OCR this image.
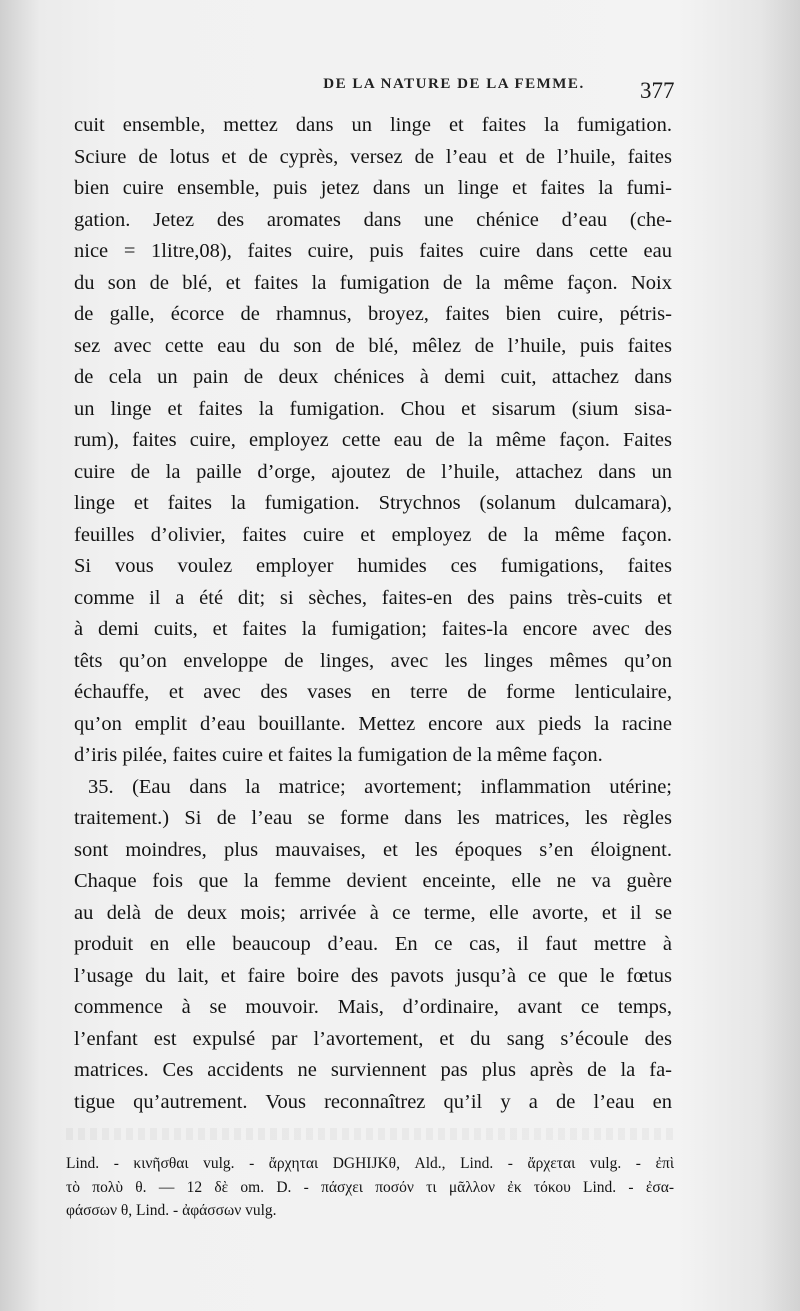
DE LA NATURE DE LA FEMME.	377
cuit ensemble, mettez dans un linge et faites la fumigation.
Sciure de lotus et de cyprès, versez de l’eau et de l’huile, faites
bien cuire ensemble, puis jetez dans un linge et faites la fumi-
gation. Jetez des aromates dans une chénice d’eau (che-
nice = 1litre,08), faites cuire, puis faites cuire dans cette eau
du son de blé, et faites la fumigation de la même façon. Noix
de galle, écorce de rhamnus, broyez, faites bien cuire, pétris-
sez avec cette eau du son de blé, mêlez de l’huile, puis faites
de cela un pain de deux chénices à demi cuit, attachez dans
un linge et faites la fumigation. Chou et sisarum (sium sisa-
rum), faites cuire, employez cette eau de la même façon. Faites
cuire de la paille d’orge, ajoutez de l’huile, attachez dans un
linge et faites la fumigation. Strychnos (solanum dulcamara),
feuilles d’olivier, faites cuire et employez de la même façon.
Si vous voulez employer humides ces fumigations, faites
comme il a été dit; si sèches, faites-en des pains très-cuits et
à demi cuits, et faites la fumigation; faites-la encore avec des
têts qu’on enveloppe de linges, avec les linges mêmes qu’on
échauffe, et avec des vases en terre de forme lenticulaire,
qu’on emplit d’eau bouillante. Mettez encore aux pieds la racine
d’iris pilée, faites cuire et faites la fumigation de la même façon.
35. (Eau dans la matrice; avortement; inflammation utérine;
traitement.) Si de l’eau se forme dans les matrices, les règles
sont moindres, plus mauvaises, et les époques s’en éloignent.
Chaque fois que la femme devient enceinte, elle ne va guère
au delà de deux mois; arrivée à ce terme, elle avorte, et il se
produit en elle beaucoup d’eau. En ce cas, il faut mettre à
l’usage du lait, et faire boire des pavots jusqu’à ce que le fœtus
commence à se mouvoir. Mais, d’ordinaire, avant ce temps,
l’enfant est expulsé par l’avortement, et du sang s’écoule des
matrices. Ces accidents ne surviennent pas plus après de la fa-
tigue qu’autrement. Vous reconnaîtrez qu’il y a de l’eau en
Lind. - κινῆσθαι vulg. - ἄρχηται DGHIJKθ, Ald., Lind. - ἄρχεται vulg. - ἐπὶ
τὸ πολὺ θ. — 12 δὲ om. D. - πάσχει ποσόν τι μᾶλλον ἐκ τόκου Lind. - ἐσα-
φάσσων θ, Lind. - ἀφάσσων vulg.
